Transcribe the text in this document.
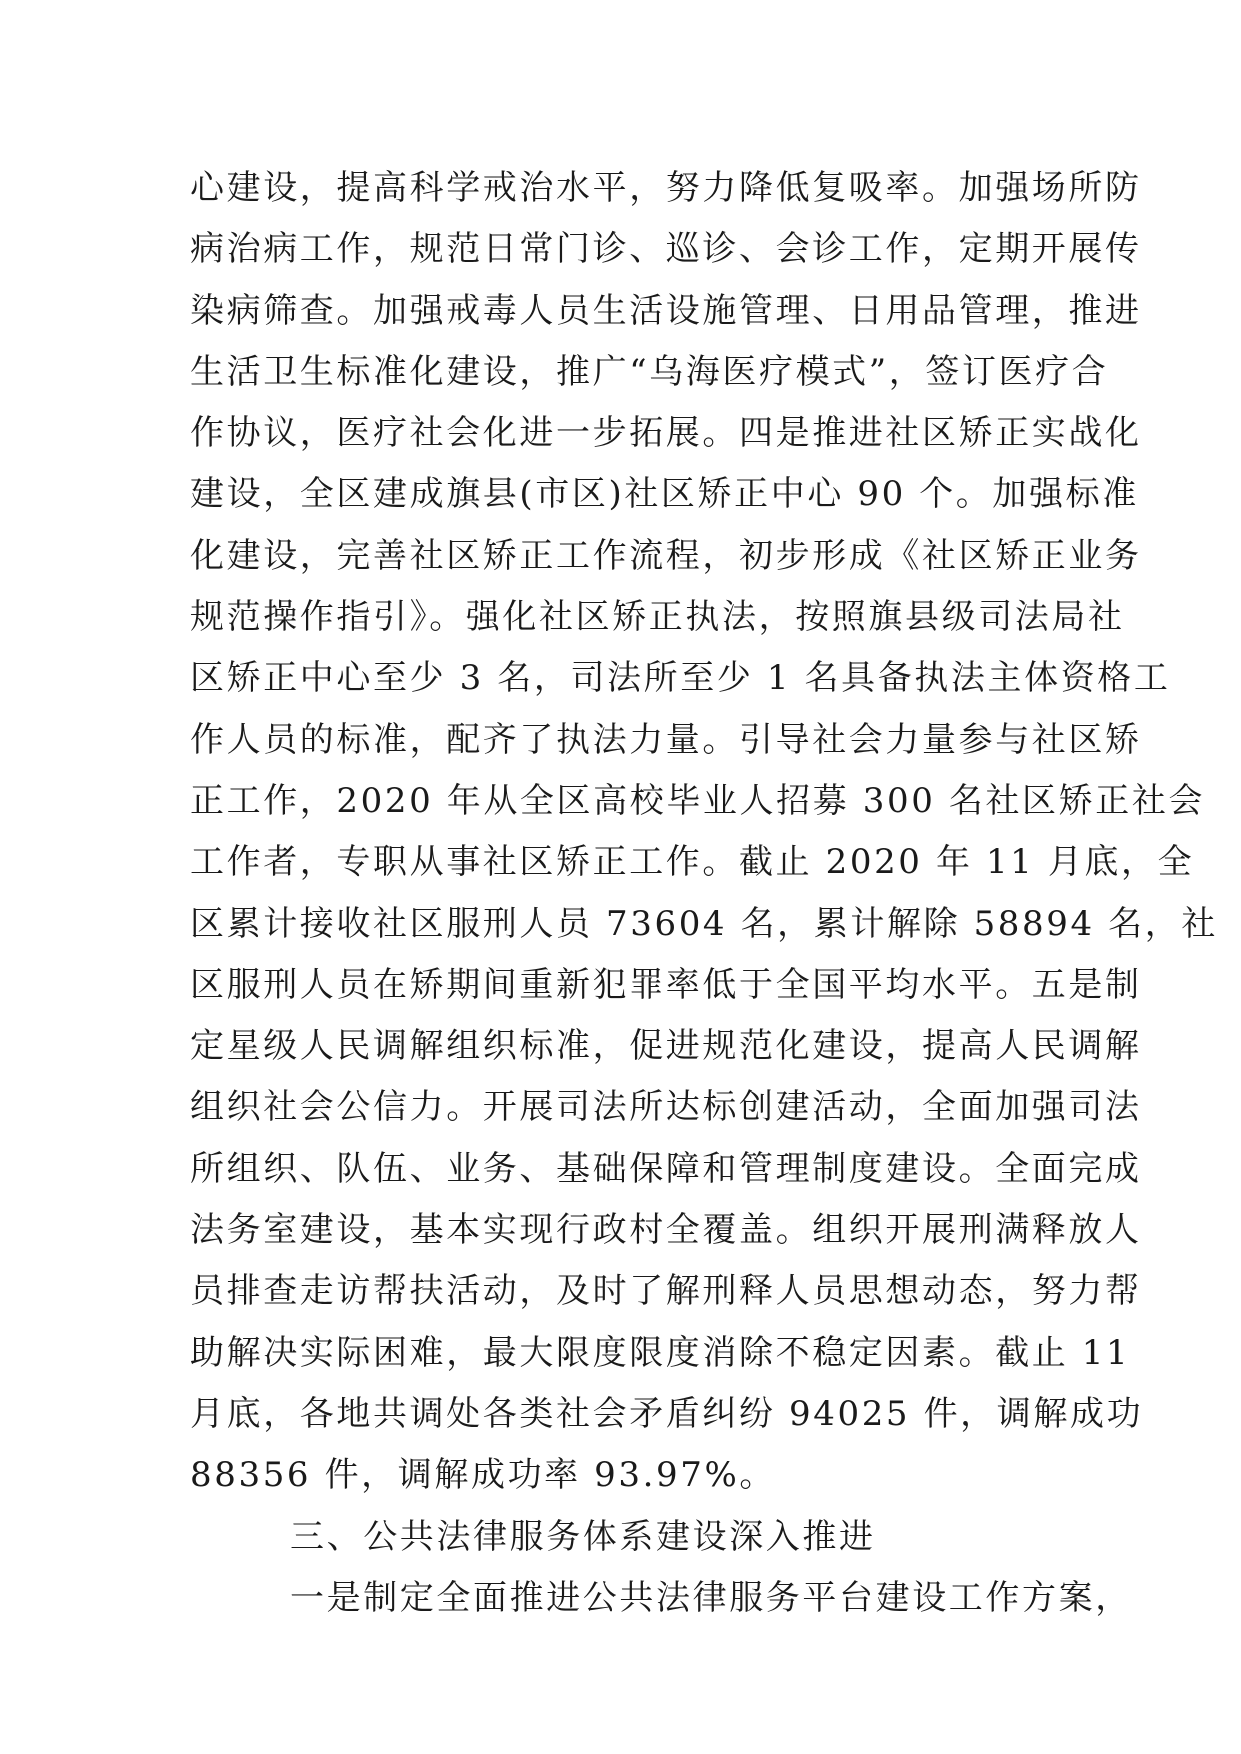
心建设，提高科学戒治水平，努力降低复吸率。加强场所防
病治病工作，规范日常门诊、巡诊、会诊工作，定期开展传
染病筛查。加强戒毒人员生活设施管理、日用品管理，推进
生活卫生标准化建设，推广“乌海医疗模式”，签订医疗合
作协议，医疗社会化进一步拓展。四是推进社区矫正实战化
建设，全区建成旗县(市区)社区矫正中心 90 个。加强标准
化建设，完善社区矫正工作流程，初步形成《社区矫正业务
规范操作指引》。强化社区矫正执法，按照旗县级司法局社
区矫正中心至少 3 名，司法所至少 1 名具备执法主体资格工
作人员的标准，配齐了执法力量。引导社会力量参与社区矫
正工作，2020 年从全区高校毕业人招募 300 名社区矫正社会
工作者，专职从事社区矫正工作。截止 2020 年 11 月底，全
区累计接收社区服刑人员 73604 名，累计解除 58894 名，社
区服刑人员在矫期间重新犯罪率低于全国平均水平。五是制
定星级人民调解组织标准，促进规范化建设，提高人民调解
组织社会公信力。开展司法所达标创建活动，全面加强司法
所组织、队伍、业务、基础保障和管理制度建设。全面完成
法务室建设，基本实现行政村全覆盖。组织开展刑满释放人
员排查走访帮扶活动，及时了解刑释人员思想动态，努力帮
助解决实际困难，最大限度限度消除不稳定因素。截止 11
月底，各地共调处各类社会矛盾纠纷 94025 件，调解成功
88356 件，调解成功率 93.97%。
三、公共法律服务体系建设深入推进
一是制定全面推进公共法律服务平台建设工作方案，
